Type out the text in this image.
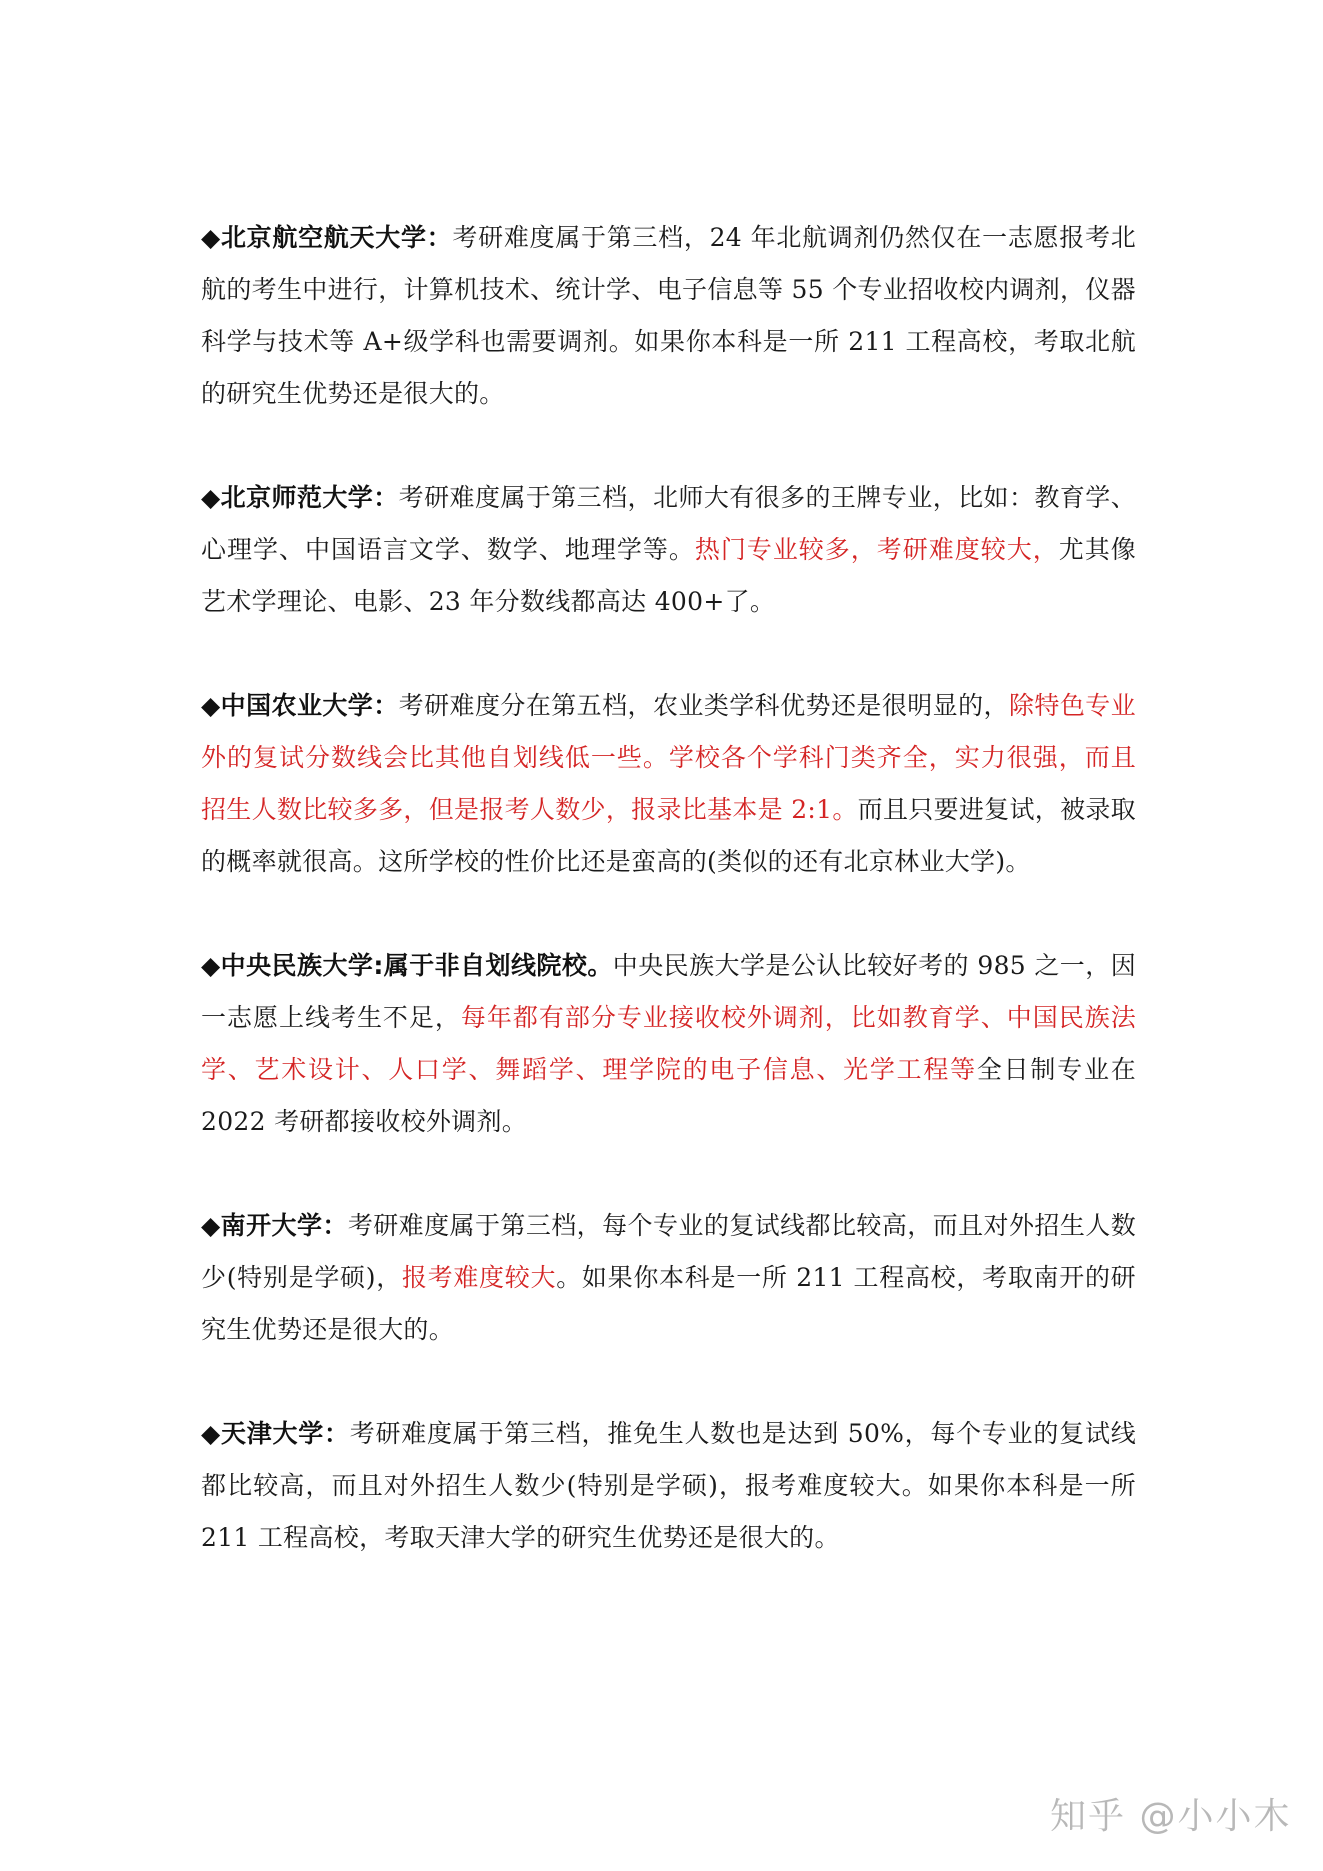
◆北京航空航天大学：考研难度属于第三档，24 年北航调剂仍然仅在一志愿报考北航的考生中进行，计算机技术、统计学、电子信息等 55 个专业招收校内调剂，仪器科学与技术等 A+级学科也需要调剂。如果你本科是一所 211 工程高校，考取北航的研究生优势还是很大的。

◆北京师范大学：考研难度属于第三档，北师大有很多的王牌专业，比如：教育学、心理学、中国语言文学、数学、地理学等。热门专业较多，考研难度较大，尤其像艺术学理论、电影、23 年分数线都高达 400+了。

◆中国农业大学：考研难度分在第五档，农业类学科优势还是很明显的，除特色专业外的复试分数线会比其他自划线低一些。学校各个学科门类齐全，实力很强，而且招生人数比较多多，但是报考人数少，报录比基本是 2:1。而且只要进复试，被录取的概率就很高。这所学校的性价比还是蛮高的(类似的还有北京林业大学)。

◆中央民族大学:属于非自划线院校。中央民族大学是公认比较好考的 985 之一，因一志愿上线考生不足，每年都有部分专业接收校外调剂，比如教育学、中国民族法学、艺术设计、人口学、舞蹈学、理学院的电子信息、光学工程等全日制专业在 2022 考研都接收校外调剂。

◆南开大学：考研难度属于第三档，每个专业的复试线都比较高，而且对外招生人数少(特别是学硕)，报考难度较大。如果你本科是一所 211 工程高校，考取南开的研究生优势还是很大的。

◆天津大学：考研难度属于第三档，推免生人数也是达到 50%，每个专业的复试线都比较高，而且对外招生人数少(特别是学硕)，报考难度较大。如果你本科是一所 211 工程高校，考取天津大学的研究生优势还是很大的。

知乎 @小小木
